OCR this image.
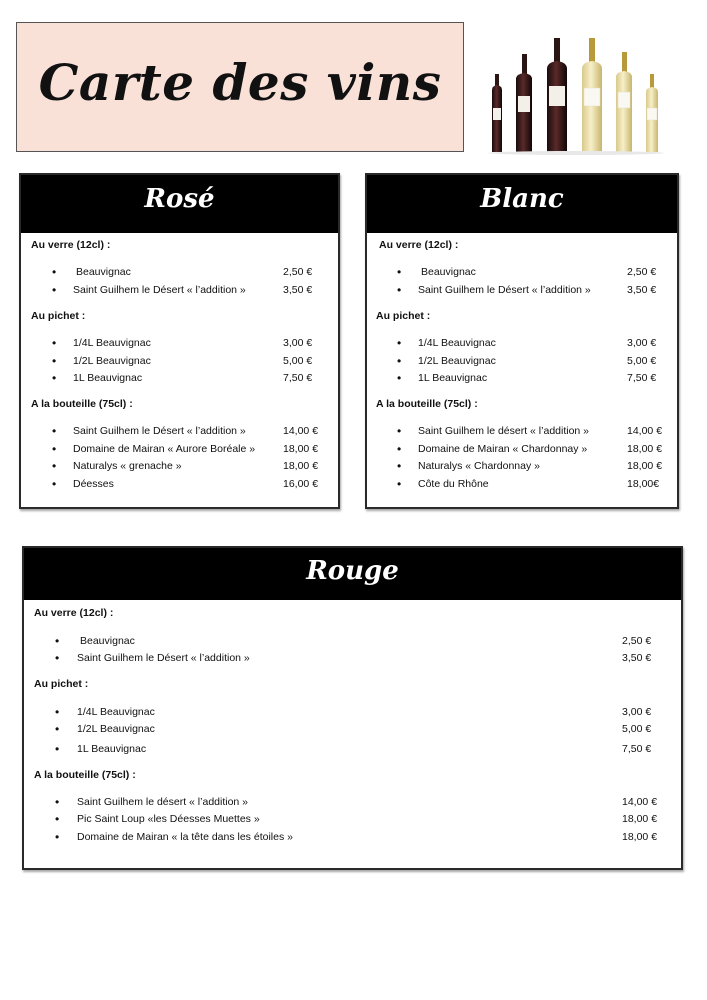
Carte des vins
Rosé
Au verre (12cl) :
• Beauvignac	2,50 €
• Saint Guilhem le Désert « l’addition »	3,50 €
Au pichet :
• 1/4L Beauvignac	3,00 €
• 1/2L Beauvignac	5,00 €
• 1L Beauvignac	7,50 €
A la bouteille (75cl) :
• Saint Guilhem le Désert « l’addition »	14,00 €
• Domaine de Mairan « Aurore Boréale »	18,00 €
• Naturalys « grenache »	18,00 €
• Déesses	16,00 €
Blanc
Au verre (12cl) :
• Beauvignac	2,50 €
• Saint Guilhem le Désert « l’addition »	3,50 €
Au pichet :
• 1/4L Beauvignac	3,00 €
• 1/2L Beauvignac	5,00 €
• 1L Beauvignac	7,50 €
A la bouteille (75cl) :
• Saint Guilhem le désert « l’addition »	14,00 €
• Domaine de Mairan « Chardonnay »	18,00 €
• Naturalys « Chardonnay »	18,00 €
• Côte du Rhône	18,00€
Rouge
Au verre (12cl) :
• Beauvignac	2,50 €
• Saint Guilhem le Désert « l’addition »	3,50 €
Au pichet :
• 1/4L Beauvignac	3,00 €
• 1/2L Beauvignac	5,00 €
• 1L Beauvignac	7,50 €
A la bouteille (75cl) :
• Saint Guilhem le désert « l’addition »	14,00 €
• Pic Saint Loup «les Déesses Muettes »	18,00 €
• Domaine de Mairan « la tête dans les étoiles »	18,00 €
